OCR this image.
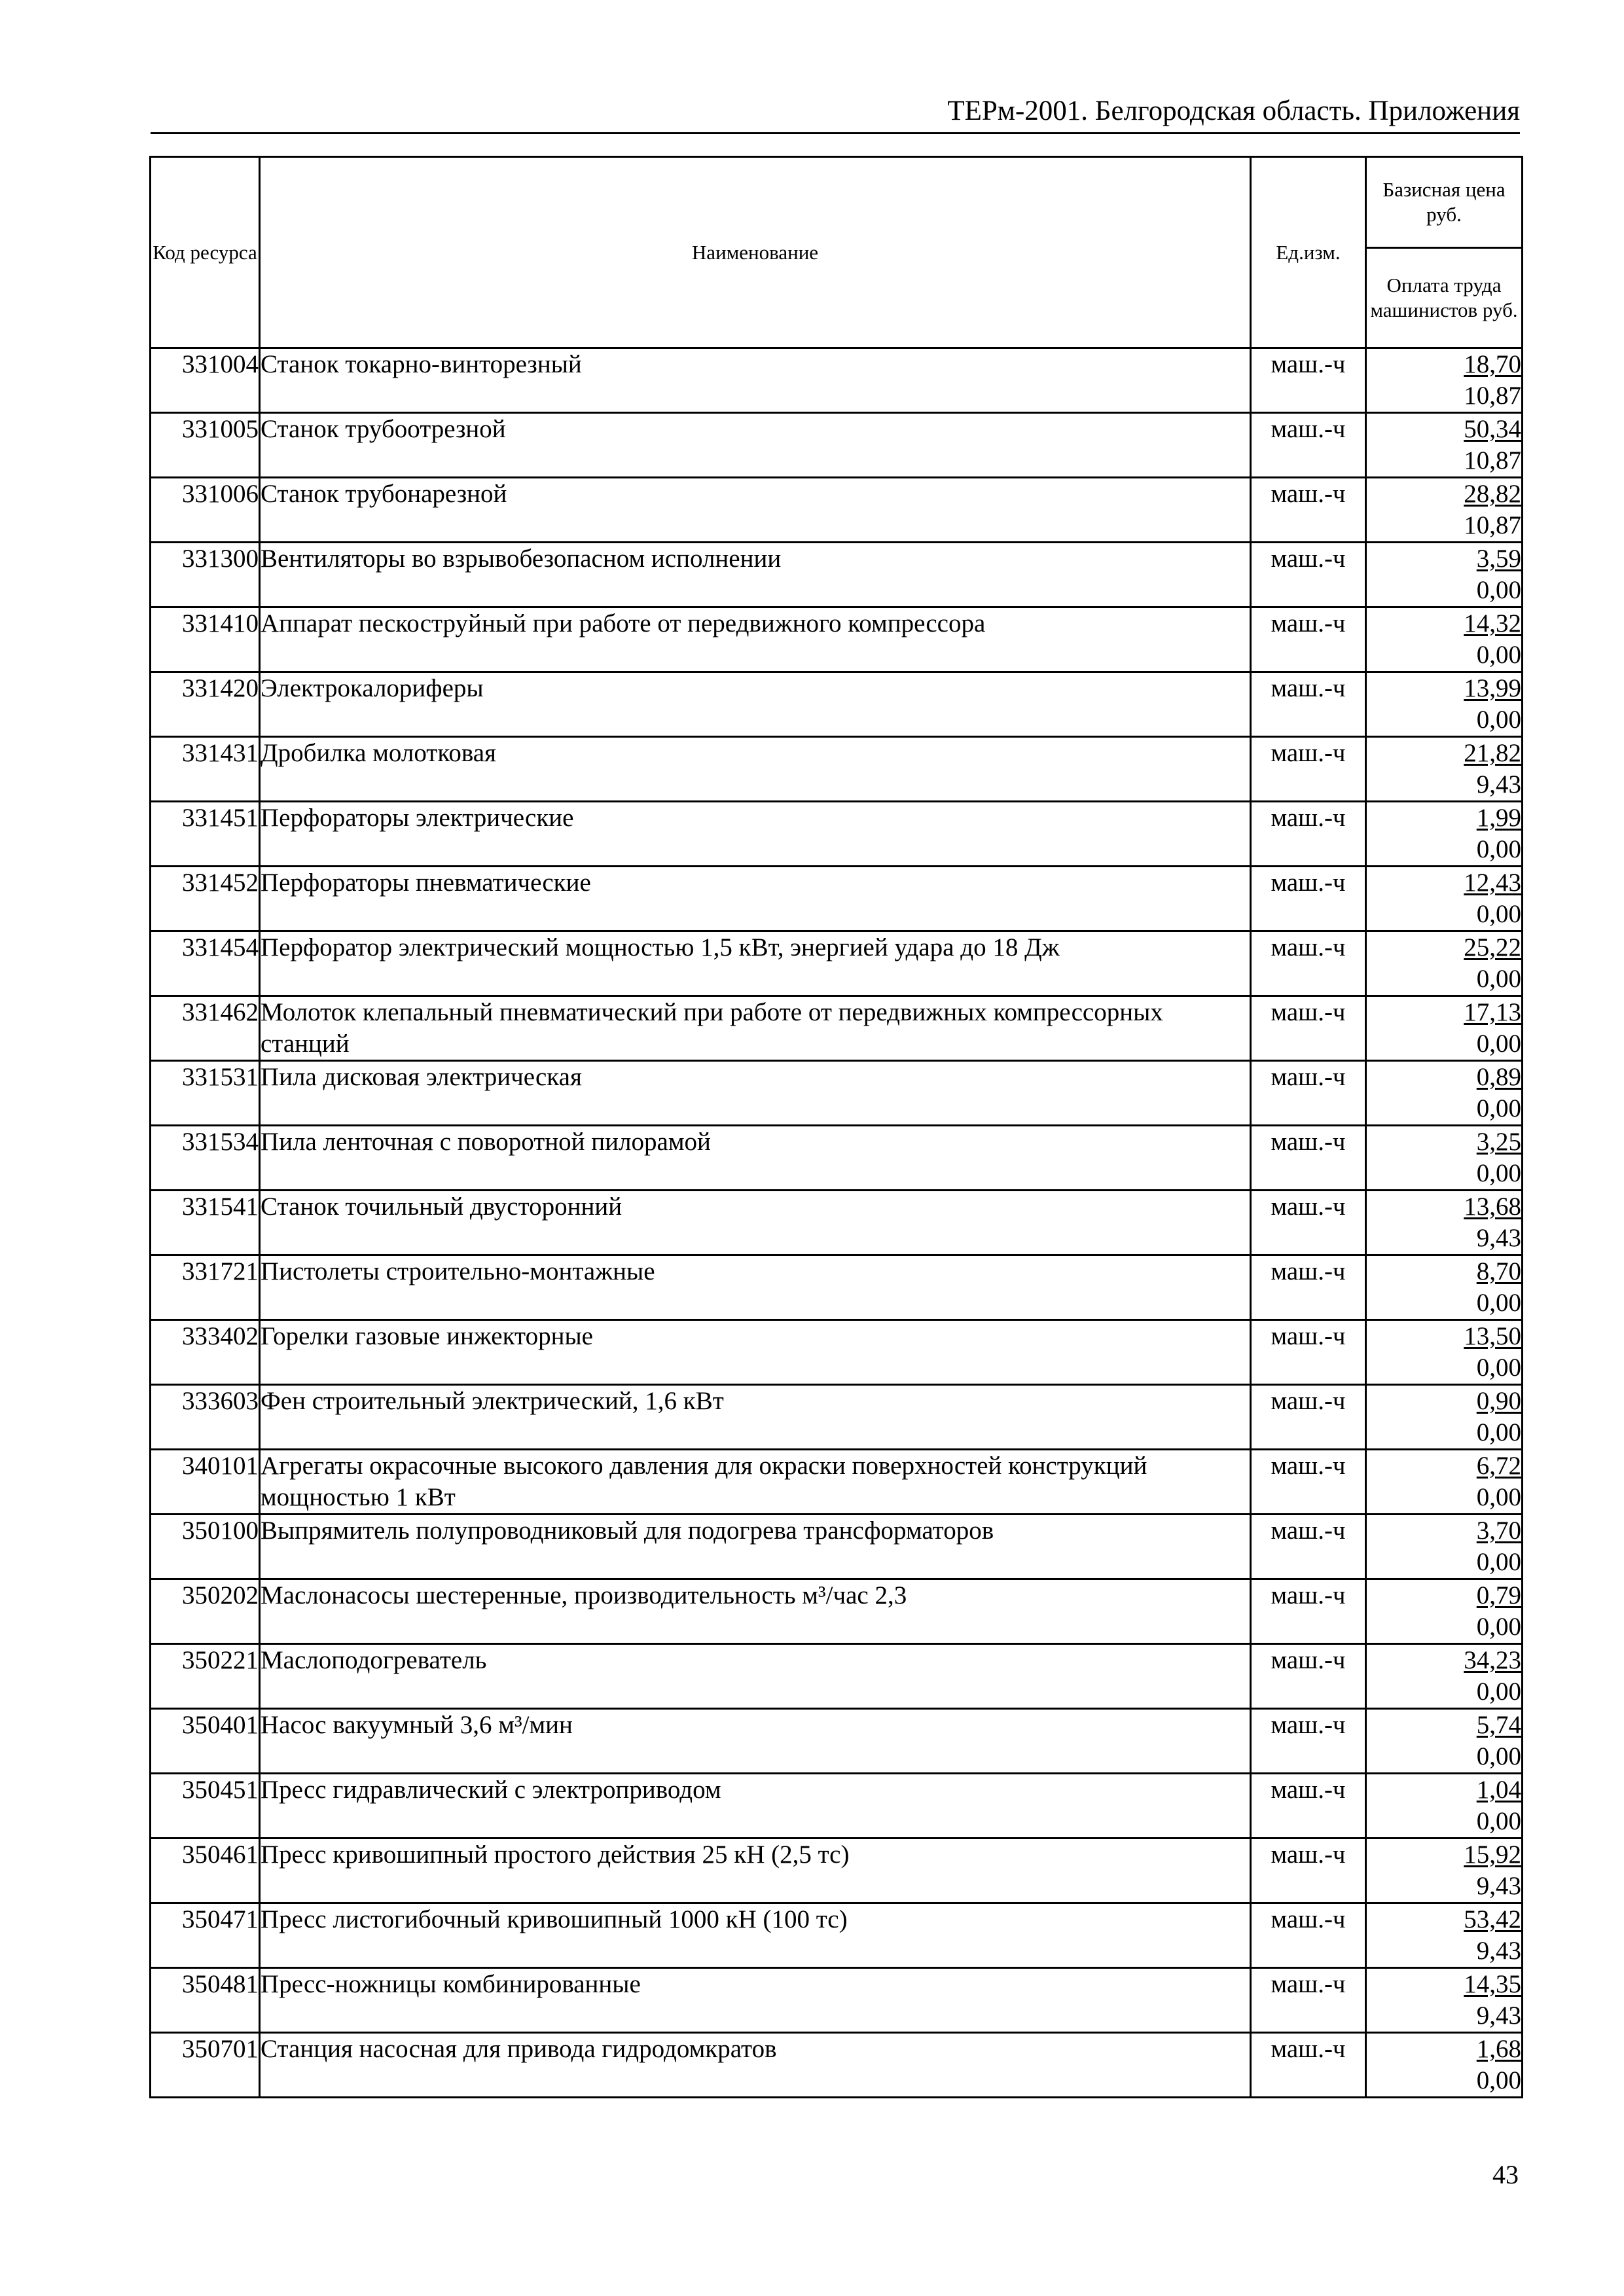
ТЕРм-2001. Белгородская область. Приложения
Код ресурса	Наименование	Ед.изм.	Базисная цена руб.
			Оплата труда машинистов руб.
331004	Станок токарно-винторезный	маш.-ч	18,70
10,87

331005	Станок трубоотрезной	маш.-ч	50,34
10,87

331006	Станок трубонарезной	маш.-ч	28,82
10,87

331300	Вентиляторы во взрывобезопасном исполнении	маш.-ч	3,59
0,00

331410	Аппарат пескоструйный при работе от передвижного компрессора	маш.-ч	14,32
0,00

331420	Электрокалориферы	маш.-ч	13,99
0,00

331431	Дробилка молотковая	маш.-ч	21,82
9,43

331451	Перфораторы электрические	маш.-ч	1,99
0,00

331452	Перфораторы пневматические	маш.-ч	12,43
0,00

331454	Перфоратор электрический мощностью 1,5 кВт, энергией удара до 18 Дж	маш.-ч	25,22
0,00

331462	Молоток клепальный пневматический при работе от передвижных компрессорных станций	маш.-ч	17,13
0,00

331531	Пила дисковая электрическая	маш.-ч	0,89
0,00

331534	Пила ленточная с поворотной пилорамой	маш.-ч	3,25
0,00

331541	Станок точильный двусторонний	маш.-ч	13,68
9,43

331721	Пистолеты строительно-монтажные	маш.-ч	8,70
0,00

333402	Горелки газовые инжекторные	маш.-ч	13,50
0,00

333603	Фен строительный электрический, 1,6 кВт	маш.-ч	0,90
0,00

340101	Агрегаты окрасочные высокого давления для окраски поверхностей конструкций мощностью 1 кВт	маш.-ч	6,72
0,00

350100	Выпрямитель полупроводниковый для подогрева трансформаторов	маш.-ч	3,70
0,00

350202	Маслонасосы шестеренные, производительность м³/час 2,3	маш.-ч	0,79
0,00

350221	Маслоподогреватель	маш.-ч	34,23
0,00

350401	Насос вакуумный 3,6 м³/мин	маш.-ч	5,74
0,00

350451	Пресс гидравлический с электроприводом	маш.-ч	1,04
0,00

350461	Пресс кривошипный простого действия 25 кН (2,5 тс)	маш.-ч	15,92
9,43

350471	Пресс листогибочный кривошипный 1000 кН (100 тс)	маш.-ч	53,42
9,43

350481	Пресс-ножницы комбинированные	маш.-ч	14,35
9,43

350701	Станция насосная для привода гидродомкратов	маш.-ч	1,68
0,00
43
